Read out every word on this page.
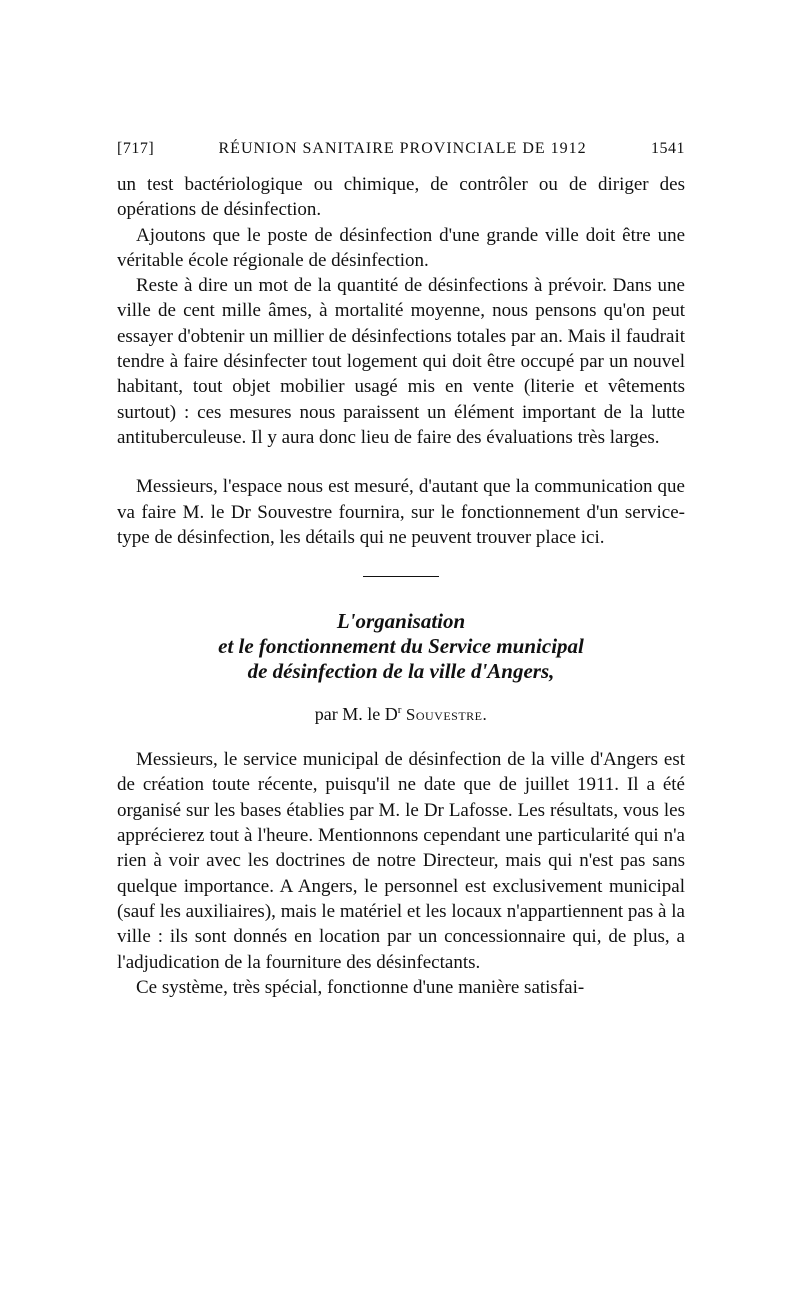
[717]	RÉUNION SANITAIRE PROVINCIALE DE 1912	1541

un test bactériologique ou chimique, de contrôler ou de diriger des opérations de désinfection.

Ajoutons que le poste de désinfection d'une grande ville doit être une véritable école régionale de désinfection.

Reste à dire un mot de la quantité de désinfections à prévoir. Dans une ville de cent mille âmes, à mortalité moyenne, nous pensons qu'on peut essayer d'obtenir un millier de désinfections totales par an. Mais il faudrait tendre à faire désinfecter tout logement qui doit être occupé par un nouvel habitant, tout objet mobilier usagé mis en vente (literie et vêtements surtout) : ces mesures nous paraissent un élément important de la lutte antituberculeuse. Il y aura donc lieu de faire des évaluations très larges.

Messieurs, l'espace nous est mesuré, d'autant que la communication que va faire M. le Dr Souvestre fournira, sur le fonctionnement d'un service-type de désinfection, les détails qui ne peuvent trouver place ici.

L'organisation
et le fonctionnement du Service municipal
de désinfection de la ville d'Angers,
par M. le $D^r$ Souvestre.

Messieurs, le service municipal de désinfection de la ville d'Angers est de création toute récente, puisqu'il ne date que de juillet 1911. Il a été organisé sur les bases établies par M. le Dr Lafosse. Les résultats, vous les apprécierez tout à l'heure. Mentionnons cependant une particularité qui n'a rien à voir avec les doctrines de notre Directeur, mais qui n'est pas sans quelque importance. A Angers, le personnel est exclusivement municipal (sauf les auxiliaires), mais le matériel et les locaux n'appartiennent pas à la ville : ils sont donnés en location par un concessionnaire qui, de plus, a l'adjudication de la fourniture des désinfectants.

Ce système, très spécial, fonctionne d'une manière satisfai-
